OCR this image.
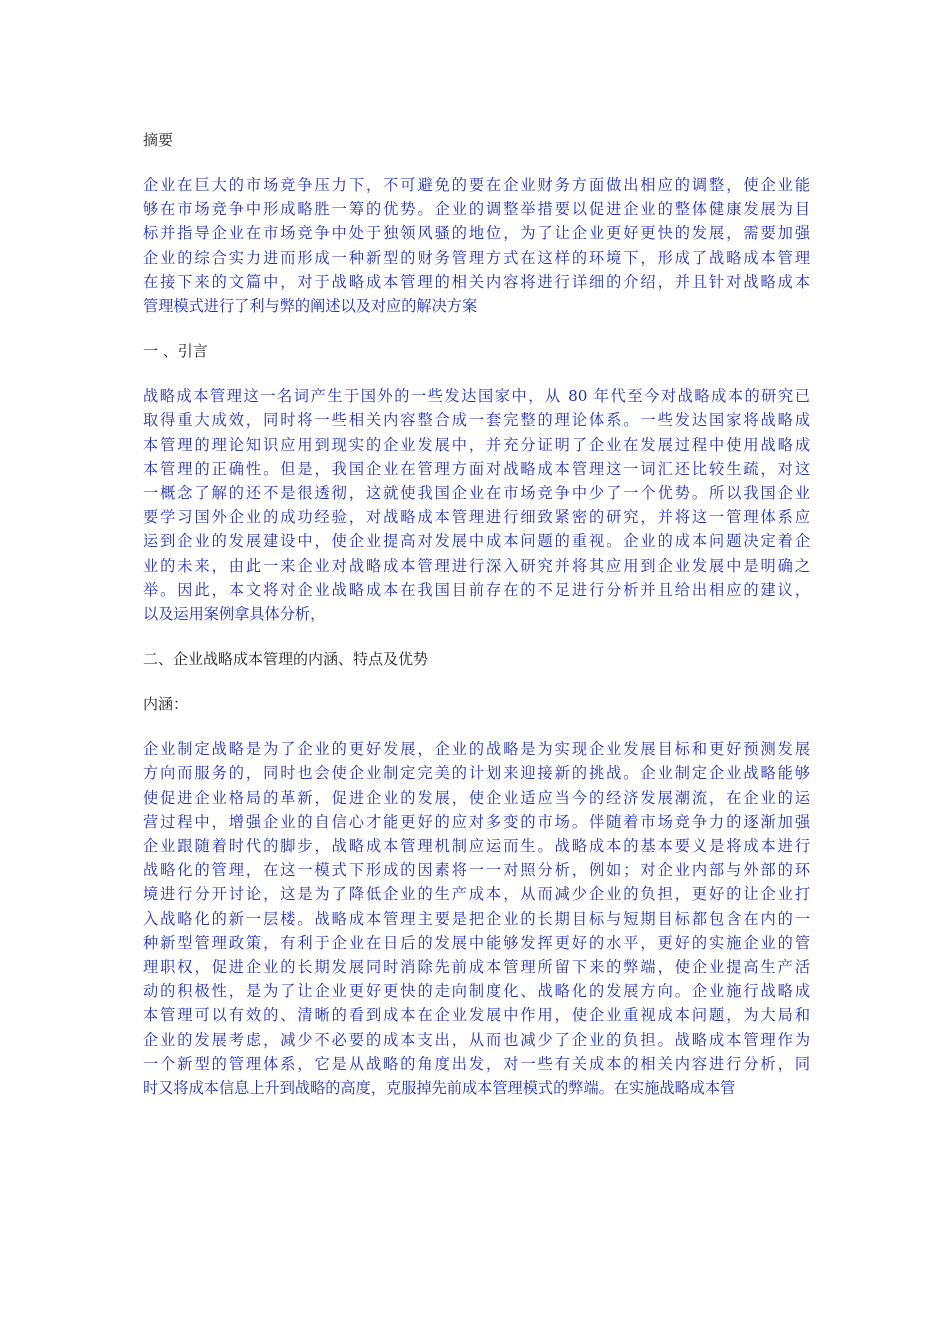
摘要
企业在巨大的市场竞争压力下，不可避免的要在企业财务方面做出相应的调整，使企业能
够在市场竞争中形成略胜一筹的优势。企业的调整举措要以促进企业的整体健康发展为目
标并指导企业在市场竞争中处于独领风骚的地位，为了让企业更好更快的发展，需要加强
企业的综合实力进而形成一种新型的财务管理方式在这样的环境下，形成了战略成本管理
在接下来的文篇中，对于战略成本管理的相关内容将进行详细的介绍，并且针对战略成本
管理模式进行了利与弊的阐述以及对应的解决方案
一 、引言
战略成本管理这一名词产生于国外的一些发达国家中，从 80 年代至今对战略成本的研究已
取得重大成效，同时将一些相关内容整合成一套完整的理论体系。一些发达国家将战略成
本管理的理论知识应用到现实的企业发展中，并充分证明了企业在发展过程中使用战略成
本管理的正确性。但是，我国企业在管理方面对战略成本管理这一词汇还比较生疏，对这
一概念了解的还不是很透彻，这就使我国企业在市场竞争中少了一个优势。所以我国企业
要学习国外企业的成功经验，对战略成本管理进行细致紧密的研究，并将这一管理体系应
运到企业的发展建设中，使企业提高对发展中成本问题的重视。企业的成本问题决定着企
业的未来，由此一来企业对战略成本管理进行深入研究并将其应用到企业发展中是明确之
举。因此，本文将对企业战略成本在我国目前存在的不足进行分析并且给出相应的建议，
以及运用案例拿具体分析，
二、企业战略成本管理的内涵、特点及优势
内涵：
企业制定战略是为了企业的更好发展，企业的战略是为实现企业发展目标和更好预测发展
方向而服务的，同时也会使企业制定完美的计划来迎接新的挑战。企业制定企业战略能够
使促进企业格局的革新，促进企业的发展，使企业适应当今的经济发展潮流，在企业的运
营过程中，增强企业的自信心才能更好的应对多变的市场。伴随着市场竞争力的逐渐加强
企业跟随着时代的脚步，战略成本管理机制应运而生。战略成本的基本要义是将成本进行
战略化的管理，在这一模式下形成的因素将一一对照分析，例如；对企业内部与外部的环
境进行分开讨论，这是为了降低企业的生产成本，从而减少企业的负担，更好的让企业打
入战略化的新一层楼。战略成本管理主要是把企业的长期目标与短期目标都包含在内的一
种新型管理政策，有利于企业在日后的发展中能够发挥更好的水平，更好的实施企业的管
理职权，促进企业的长期发展同时消除先前成本管理所留下来的弊端，使企业提高生产活
动的积极性，是为了让企业更好更快的走向制度化、战略化的发展方向。企业施行战略成
本管理可以有效的、清晰的看到成本在企业发展中作用，使企业重视成本问题，为大局和
企业的发展考虑，减少不必要的成本支出，从而也减少了企业的负担。战略成本管理作为
一个新型的管理体系，它是从战略的角度出发，对一些有关成本的相关内容进行分析，同
时又将成本信息上升到战略的高度，克服掉先前成本管理模式的弊端。在实施战略成本管
